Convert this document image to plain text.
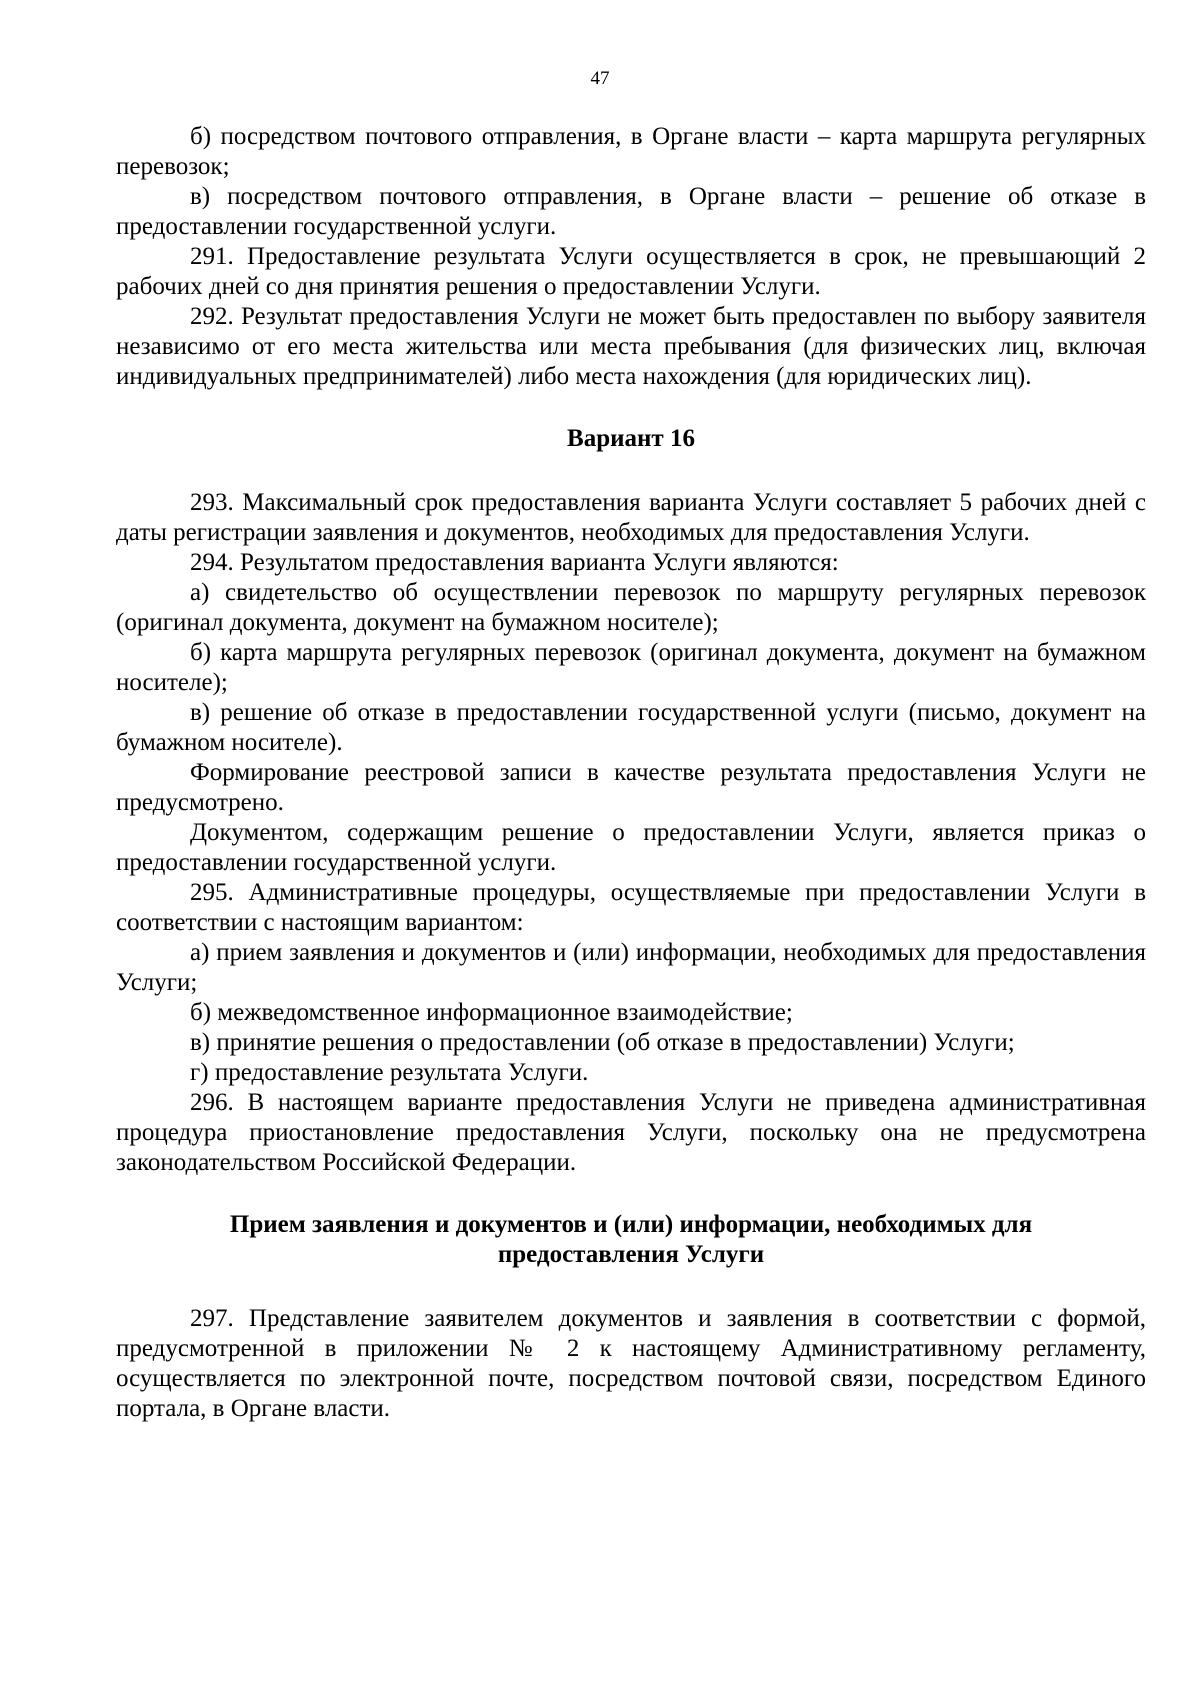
47

б) посредством почтового отправления, в Органе власти – карта маршрута регулярных перевозок;

в) посредством почтового отправления, в Органе власти – решение об отказе в предоставлении государственной услуги.

291. Предоставление результата Услуги осуществляется в срок, не превышающий 2 рабочих дней со дня принятия решения о предоставлении Услуги.

292. Результат предоставления Услуги не может быть предоставлен по выбору заявителя независимо от его места жительства или места пребывания (для физических лиц, включая индивидуальных предпринимателей) либо места нахождения (для юридических лиц).

Вариант 16

293. Максимальный срок предоставления варианта Услуги составляет 5 рабочих дней с даты регистрации заявления и документов, необходимых для предоставления Услуги.

294. Результатом предоставления варианта Услуги являются:

а) свидетельство об осуществлении перевозок по маршруту регулярных перевозок (оригинал документа, документ на бумажном носителе);

б) карта маршрута регулярных перевозок (оригинал документа, документ на бумажном носителе);

в) решение об отказе в предоставлении государственной услуги (письмо, документ на бумажном носителе).

Формирование реестровой записи в качестве результата предоставления Услуги не предусмотрено.

Документом, содержащим решение о предоставлении Услуги, является приказ о предоставлении государственной услуги.

295. Административные процедуры, осуществляемые при предоставлении Услуги в соответствии с настоящим вариантом:

а) прием заявления и документов и (или) информации, необходимых для предоставления Услуги;

б) межведомственное информационное взаимодействие;

в) принятие решения о предоставлении (об отказе в предоставлении) Услуги;

г) предоставление результата Услуги.

296. В настоящем варианте предоставления Услуги не приведена административная процедура приостановление предоставления Услуги, поскольку она не предусмотрена законодательством Российской Федерации.

Прием заявления и документов и (или) информации, необходимых для
предоставления Услуги

297. Представление заявителем документов и заявления в соответствии с формой, предусмотренной в приложении № 2 к настоящему Административному регламенту, осуществляется по электронной почте, посредством почтовой связи, посредством Единого портала, в Органе власти.
